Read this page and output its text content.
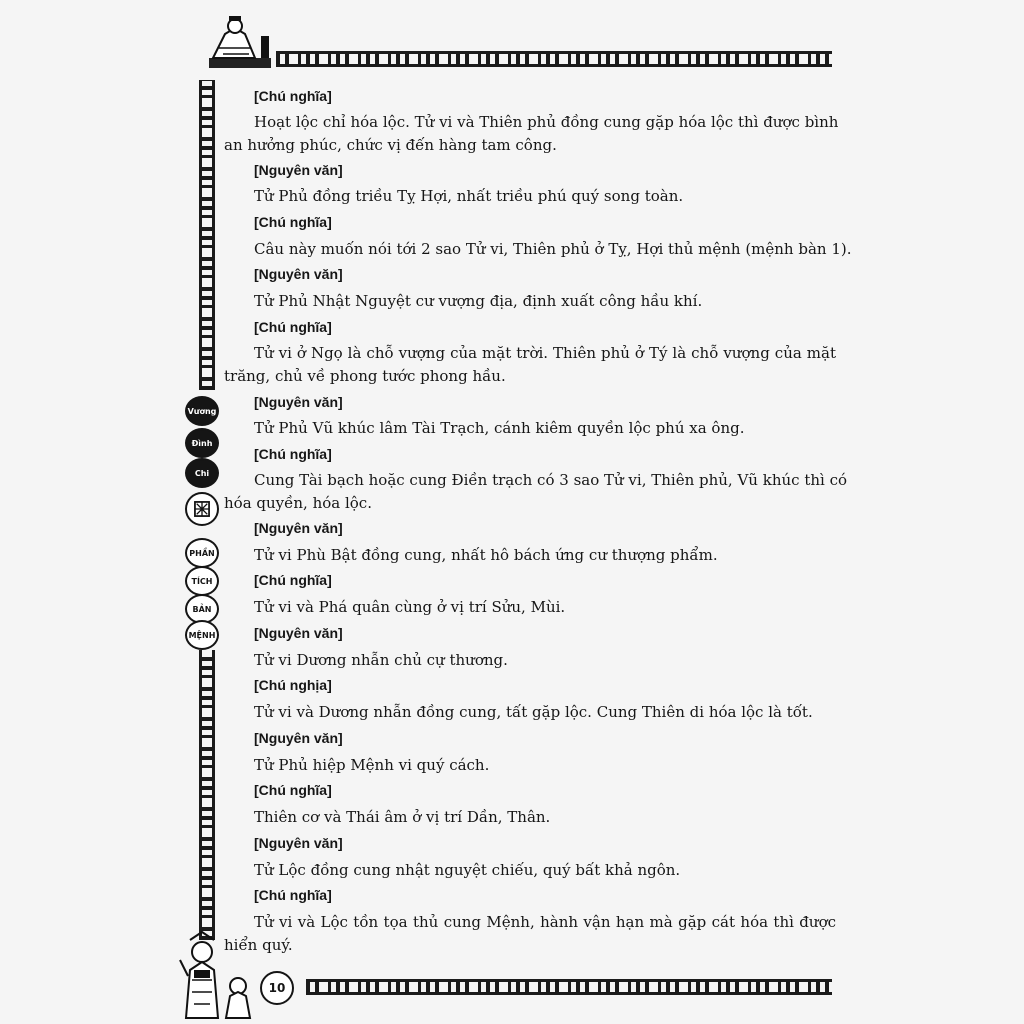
Vương
Đình
Chi
PHẦN
TÍCH
BẢN
MỆNH
[Chú nghĩa]
Hoạt lộc chỉ hóa lộc. Tử vi và Thiên phủ đồng cung gặp hóa lộc thì được bình
an hưởng phúc, chức vị đến hàng tam công.
[Nguyên văn]
Tử Phủ đồng triều Tỵ Hợi, nhất triều phú quý song toàn.
[Chú nghĩa]
Câu này muốn nói tới 2 sao Tử vi, Thiên phủ ở Tỵ, Hợi thủ mệnh (mệnh bàn 1).
[Nguyên văn]
Tử Phủ Nhật Nguyệt cư vượng địa, định xuất công hầu khí.
[Chú nghĩa]
Tử vi ở Ngọ là chỗ vượng của mặt trời. Thiên phủ ở Tý là chỗ vượng của mặt
trăng, chủ về phong tước phong hầu.
[Nguyên văn]
Tử Phủ Vũ khúc lâm Tài Trạch, cánh kiêm quyền lộc phú xa ông.
[Chú nghĩa]
Cung Tài bạch hoặc cung Điền trạch có 3 sao Tử vi, Thiên phủ, Vũ khúc thì có
hóa quyền, hóa lộc.
[Nguyên văn]
Tử vi Phù Bật đồng cung, nhất hô bách ứng cư thượng phẩm.
[Chú nghĩa]
Tử vi và Phá quân cùng ở vị trí Sửu, Mùi.
[Nguyên văn]
Tử vi Dương nhẫn chủ cự thương.
[Chú nghịa]
Tử vi và Dương nhẫn đồng cung, tất gặp lộc. Cung Thiên di hóa lộc là tốt.
[Nguyên văn]
Tử Phủ hiệp Mệnh vi quý cách.
[Chú nghĩa]
Thiên cơ và Thái âm ở vị trí Dần, Thân.
[Nguyên văn]
Tử Lộc đồng cung nhật nguyệt chiếu, quý bất khả ngôn.
[Chú nghĩa]
Tử vi và Lộc tồn tọa thủ cung Mệnh, hành vận hạn mà gặp cát hóa thì được
hiển quý.
10
